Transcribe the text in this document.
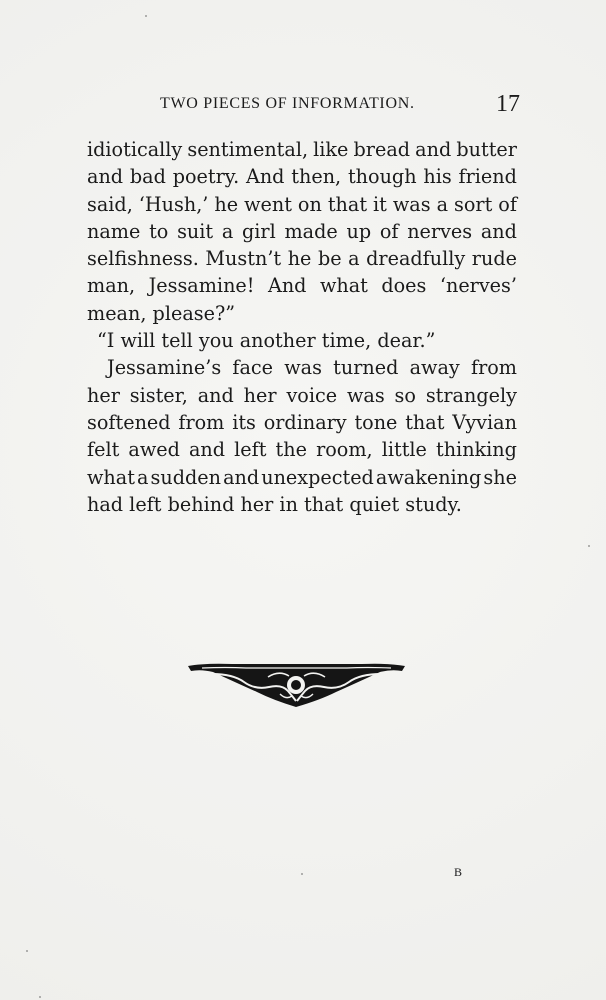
TWO PIECES OF INFORMATION.	17
idiotically sentimental, like bread and butter
and bad poetry. And then, though his friend
said, ‘Hush,’ he went on that it was a sort of
name to suit a girl made up of nerves and
selfishness. Mustn’t he be a dreadfully rude
man, Jessamine! And what does ‘nerves’
mean, please?”
“I will tell you another time, dear.”
Jessamine’s face was turned away from
her sister, and her voice was so strangely
softened from its ordinary tone that Vyvian
felt awed and left the room, little thinking
what a sudden and unexpected awakening she
had left behind her in that quiet study.
B
